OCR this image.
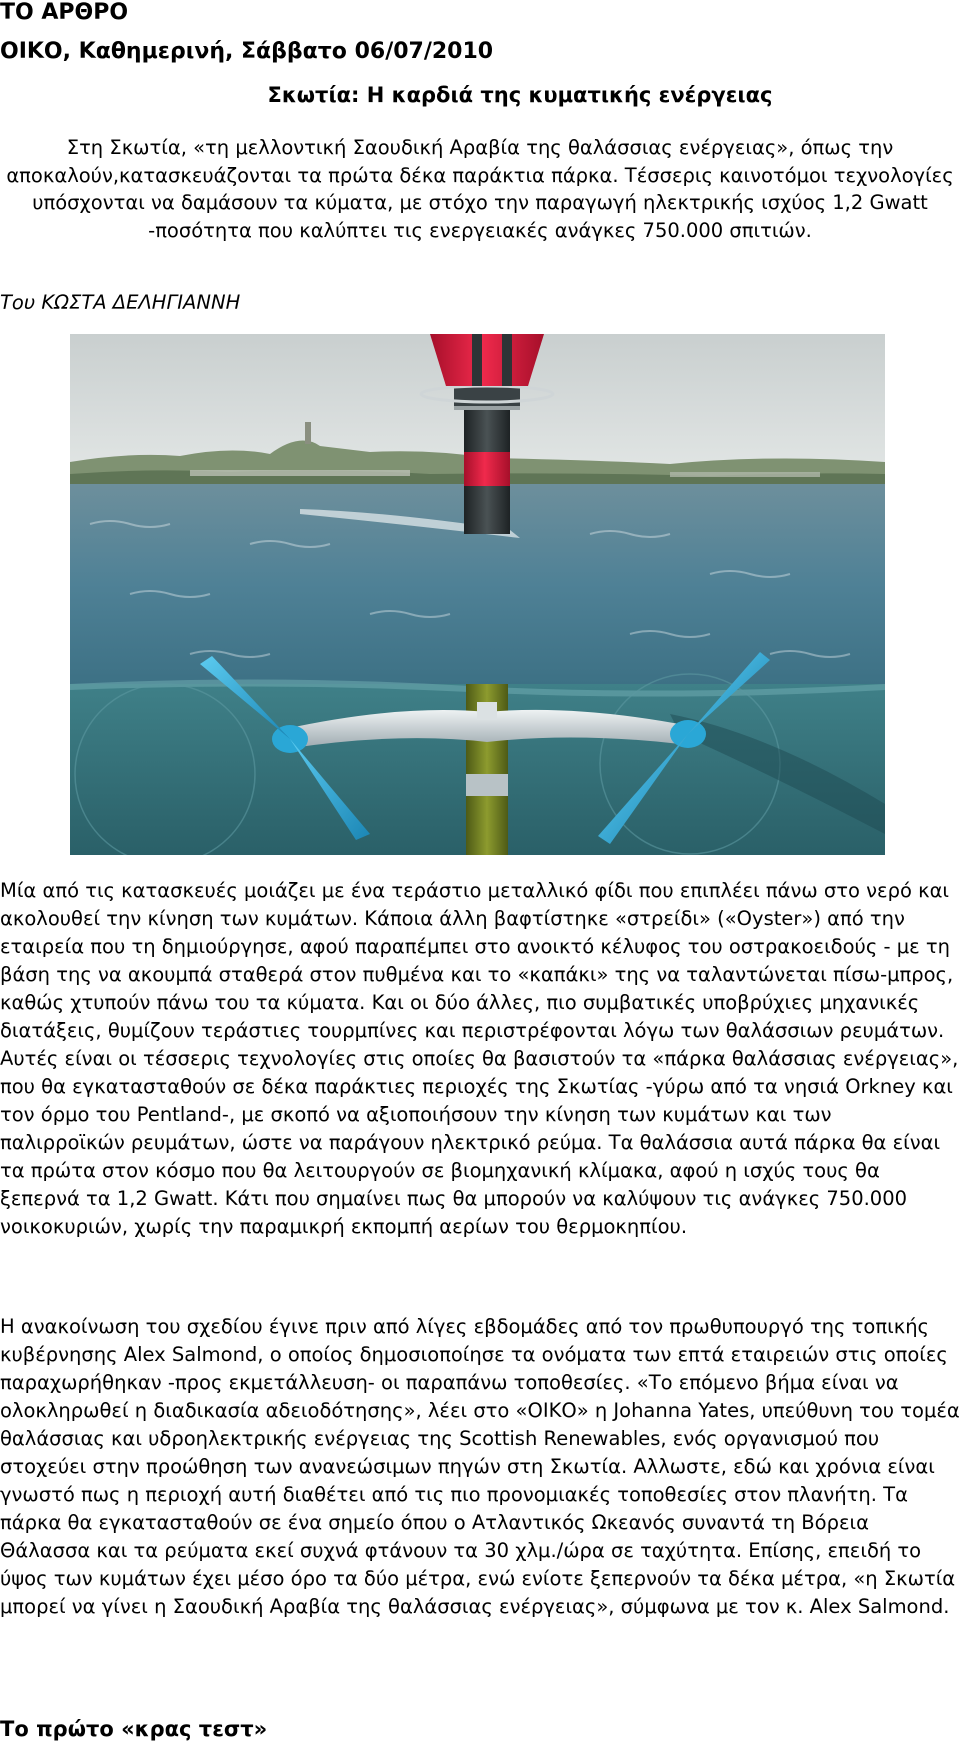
ΤΟ ΑΡΘΡΟ
ΟΙΚΟ, Καθημερινή, Σάββατο 06/07/2010
Σκωτία: Η καρδιά της κυματικής ενέργειας

Στη Σκωτία, «τη μελλοντική Σαουδική Αραβία της θαλάσσιας ενέργειας», όπως την αποκαλούν,κατασκευάζονται τα πρώτα δέκα παράκτια πάρκα. Τέσσερις καινοτόμοι τεχνολογίες υπόσχονται να δαμάσουν τα κύματα, με στόχο την παραγωγή ηλεκτρικής ισχύος 1,2 Gwatt -ποσότητα που καλύπτει τις ενεργειακές ανάγκες 750.000 σπιτιών.

Του ΚΩΣΤΑ ΔΕΛΗΓΙΑΝΝΗ

Μία από τις κατασκευές μοιάζει με ένα τεράστιο μεταλλικό φίδι που επιπλέει πάνω στο νερό και ακολουθεί την κίνηση των κυμάτων. Κάποια άλλη βαφτίστηκε «στρείδι» («Oyster») από την εταιρεία που τη δημιούργησε, αφού παραπέμπει στο ανοικτό κέλυφος του οστρακοειδούς - με τη βάση της να ακουμπά σταθερά στον πυθμένα και το «καπάκι» της να ταλαντώνεται πίσω-μπρος, καθώς χτυπούν πάνω του τα κύματα. Και οι δύο άλλες, πιο συμβατικές υποβρύχιες μηχανικές διατάξεις, θυμίζουν τεράστιες τουρμπίνες και περιστρέφονται λόγω των θαλάσσιων ρευμάτων. Αυτές είναι οι τέσσερις τεχνολογίες στις οποίες θα βασιστούν τα «πάρκα θαλάσσιας ενέργειας», που θα εγκατασταθούν σε δέκα παράκτιες περιοχές της Σκωτίας -γύρω από τα νησιά Orkney και τον όρμο του Pentland-, με σκοπό να αξιοποιήσουν την κίνηση των κυμάτων και των παλιρροϊκών ρευμάτων, ώστε να παράγουν ηλεκτρικό ρεύμα. Τα θαλάσσια αυτά πάρκα θα είναι τα πρώτα στον κόσμο που θα λειτουργούν σε βιομηχανική κλίμακα, αφού η ισχύς τους θα ξεπερνά τα 1,2 Gwatt. Κάτι που σημαίνει πως θα μπορούν να καλύψουν τις ανάγκες 750.000 νοικοκυριών, χωρίς την παραμικρή εκπομπή αερίων του θερμοκηπίου.

Η ανακοίνωση του σχεδίου έγινε πριν από λίγες εβδομάδες από τον πρωθυπουργό της τοπικής κυβέρνησης Alex Salmond, ο οποίος δημοσιοποίησε τα ονόματα των επτά εταιρειών στις οποίες παραχωρήθηκαν -προς εκμετάλλευση- οι παραπάνω τοποθεσίες. «Το επόμενο βήμα είναι να ολοκληρωθεί η διαδικασία αδειοδότησης», λέει στο «ΟΙΚΟ» η Johanna Yates, υπεύθυνη του τομέα θαλάσσιας και υδροηλεκτρικής ενέργειας της Scottish Renewables, ενός οργανισμού που στοχεύει στην προώθηση των ανανεώσιμων πηγών στη Σκωτία. Αλλωστε, εδώ και χρόνια είναι γνωστό πως η περιοχή αυτή διαθέτει από τις πιο προνομιακές τοποθεσίες στον πλανήτη. Τα πάρκα θα εγκατασταθούν σε ένα σημείο όπου ο Ατλαντικός Ωκεανός συναντά τη Βόρεια Θάλασσα και τα ρεύματα εκεί συχνά φτάνουν τα 30 χλμ./ώρα σε ταχύτητα. Επίσης, επειδή το ύψος των κυμάτων έχει μέσο όρο τα δύο μέτρα, ενώ ενίοτε ξεπερνούν τα δέκα μέτρα, «η Σκωτία μπορεί να γίνει η Σαουδική Αραβία της θαλάσσιας ενέργειας», σύμφωνα με τον κ. Alex Salmond.

Το πρώτο «κρας τεστ»
